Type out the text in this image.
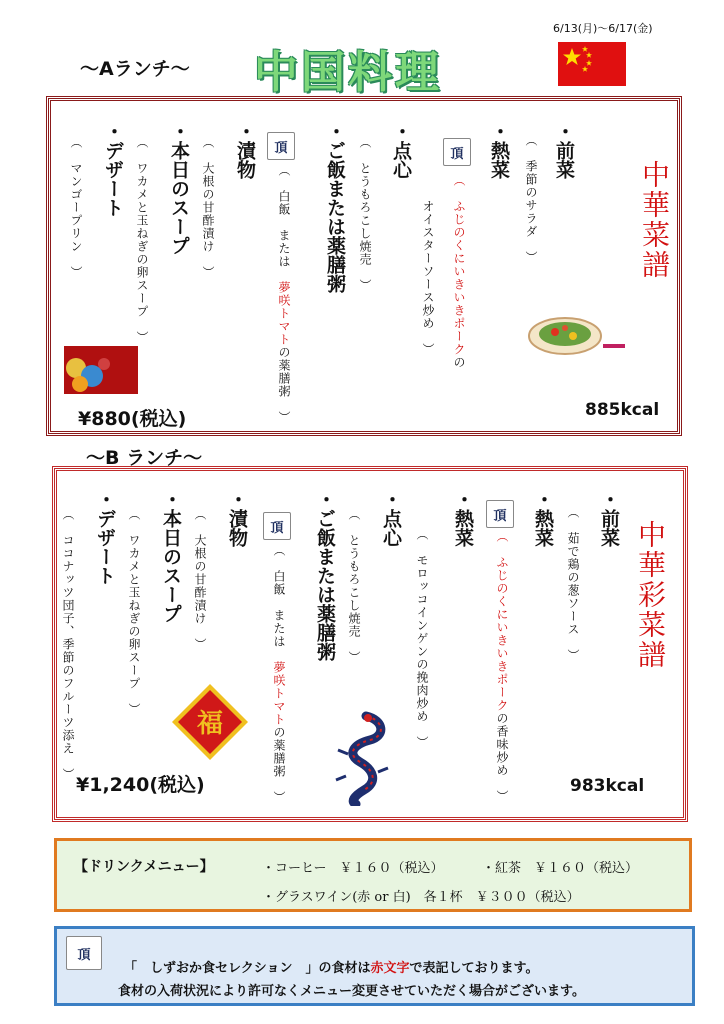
6/13(月)〜6/17(金)
〜Aランチ〜 中国料理
中華菜譜
・前菜
（　季節のサラダ　）
・熱菜
頂
（　ふじのくにいきいきポークの
オイスターソース炒め　）
・点心
（　とうもろこし焼売　）
・ご飯または薬膳粥
頂
（　白飯　または　夢咲トマトの薬膳粥　）
・漬物
（　大根の甘酢漬け　）
・本日のスープ
（　ワカメと玉ねぎの卵スープ　）
・デザート
（　マンゴープリン　）
¥880(税込)	885kcal
〜B ランチ〜
中華彩菜譜
・前菜
（　茹で鶏の葱ソース　）
・熱菜
頂
（　ふじのくにいきいきポークの香味炒め　）
・熱菜
（　モロッコインゲンの挽肉炒め　）
・点心
（　とうもろこし焼売　）
・ご飯または薬膳粥
頂
（　白飯　または　夢咲トマトの薬膳粥　）
・漬物
（　大根の甘酢漬け　）
・本日のスープ
（　ワカメと玉ねぎの卵スープ　）
・デザート
（　ココナッツ団子、季節のフルーツ添え　）	福
¥1,240(税込)	983kcal
【ドリンクメニュー】	・コーヒー　￥１６０（税込）	・紅茶　￥１６０（税込）
・グラスワイン(赤 or 白)　各１杯　￥３００（税込）
頂
「　しずおか食セレクション　」の食材は赤文字で表記しております。
食材の入荷状況により許可なくメニュー変更させていただく場合がございます。
